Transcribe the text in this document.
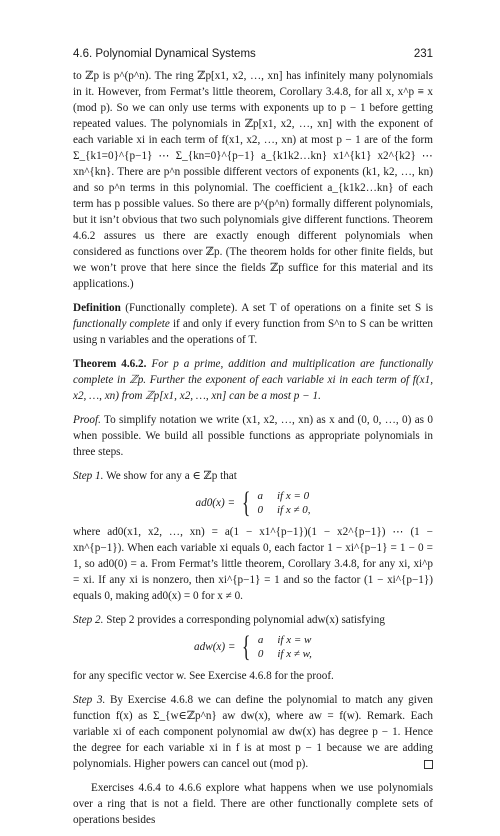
4.6. Polynomial Dynamical Systems	231

to ℤp is p^(p^n). The ring ℤp[x1, x2, …, xn] has infinitely many polynomials in it. However, from Fermat’s little theorem, Corollary 3.4.8, for all x, x^p ≡ x (mod p). So we can only use terms with exponents up to p − 1 before getting repeated values. The polynomials in ℤp[x1, x2, …, xn] with the exponent of each variable xi in each term of f(x1, x2, …, xn) at most p − 1 are of the form Σ_{k1=0}^{p−1} ⋯ Σ_{kn=0}^{p−1} a_{k1k2…kn} x1^{k1} x2^{k2} ⋯ xn^{kn}. There are p^n possible different vectors of exponents (k1, k2, …, kn) and so p^n terms in this polynomial. The coefficient a_{k1k2…kn} of each term has p possible values. So there are p^(p^n) formally different polynomials, but it isn’t obvious that two such polynomials give different functions. Theorem 4.6.2 assures us there are exactly enough different polynomials when considered as functions over ℤp. (The theorem holds for other finite fields, but we won’t prove that here since the fields ℤp suffice for this material and its applications.)

Definition (Functionally complete). A set T of operations on a finite set S is functionally complete if and only if every function from S^n to S can be written using n variables and the operations of T.

Theorem 4.6.2. For p a prime, addition and multiplication are functionally complete in ℤp. Further the exponent of each variable xi in each term of f(x1, x2, …, xn) from ℤp[x1, x2, …, xn] can be a most p − 1.

Proof. To simplify notation we write (x1, x2, …, xn) as x and (0, 0, …, 0) as 0 when possible. We build all possible functions as appropriate polynomials in three steps.

Step 1. We show for any a ∈ ℤp that

ad0(x) = { a if x = 0
0 if x ≠ 0,

where ad0(x1, x2, …, xn) = a(1 − x1^{p−1})(1 − x2^{p−1}) ⋯ (1 − xn^{p−1}). When each variable xi equals 0, each factor 1 − xi^{p−1} = 1 − 0 = 1, so ad0(0) = a. From Fermat’s little theorem, Corollary 3.4.8, for any xi, xi^p = xi. If any xi is nonzero, then xi^{p−1} = 1 and so the factor (1 − xi^{p−1}) equals 0, making ad0(x) = 0 for x ≠ 0.

Step 2. Step 2 provides a corresponding polynomial adw(x) satisfying

adw(x) = { a if x = w
0 if x ≠ w,

for any specific vector w. See Exercise 4.6.8 for the proof.

Step 3. By Exercise 4.6.8 we can define the polynomial to match any given function f(x) as Σ_{w∈ℤp^n} aw dw(x), where aw = f(w). Remark. Each variable xi of each component polynomial aw dw(x) has degree p − 1. Hence the degree for each variable xi in f is at most p − 1 because we are adding polynomials. Higher powers can cancel out (mod p).

Exercises 4.6.4 to 4.6.6 explore what happens when we use polynomials over a ring that is not a field. There are other functionally complete sets of operations besides
